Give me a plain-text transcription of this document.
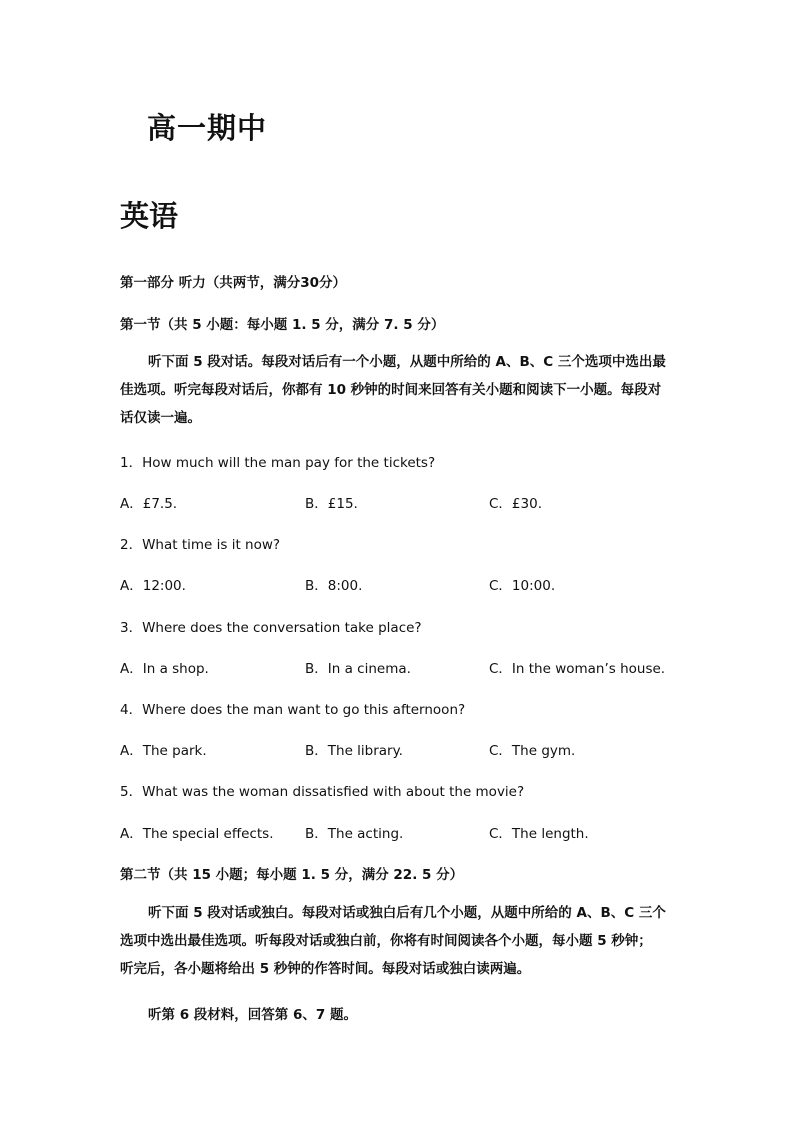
高一期中
英语

第一部分 听力（共两节，满分30分）

第一节（共 5 小题：每小题 1. 5 分，满分 7. 5 分）

听下面 5 段对话。每段对话后有一个小题，从题中所给的 A、B、C 三个选项中选出最
佳选项。听完每段对话后，你都有 10 秒钟的时间来回答有关小题和阅读下一小题。每段对
话仅读一遍。

1．How much will the man pay for the tickets?

A．£7.5.	B．£15.	C．£30.

2．What time is it now?

A．12:00.	B．8:00.	C．10:00.

3．Where does the conversation take place?

A．In a shop.	B．In a cinema.	C．In the woman’s house.

4．Where does the man want to go this afternoon?

A．The park.	B．The library.	C．The gym.

5．What was the woman dissatisfied with about the movie?

A．The special effects. B．The acting.	C．The length.

第二节（共 15 小题；每小题 1. 5 分，满分 22. 5 分）

听下面 5 段对话或独白。每段对话或独白后有几个小题，从题中所给的 A、B、C 三个
选项中选出最佳选项。听每段对话或独白前，你将有时间阅读各个小题，每小题 5 秒钟；
听完后，各小题将给出 5 秒钟的作答时间。每段对话或独白读两遍。

听第 6 段材料，回答第 6、7 题。
